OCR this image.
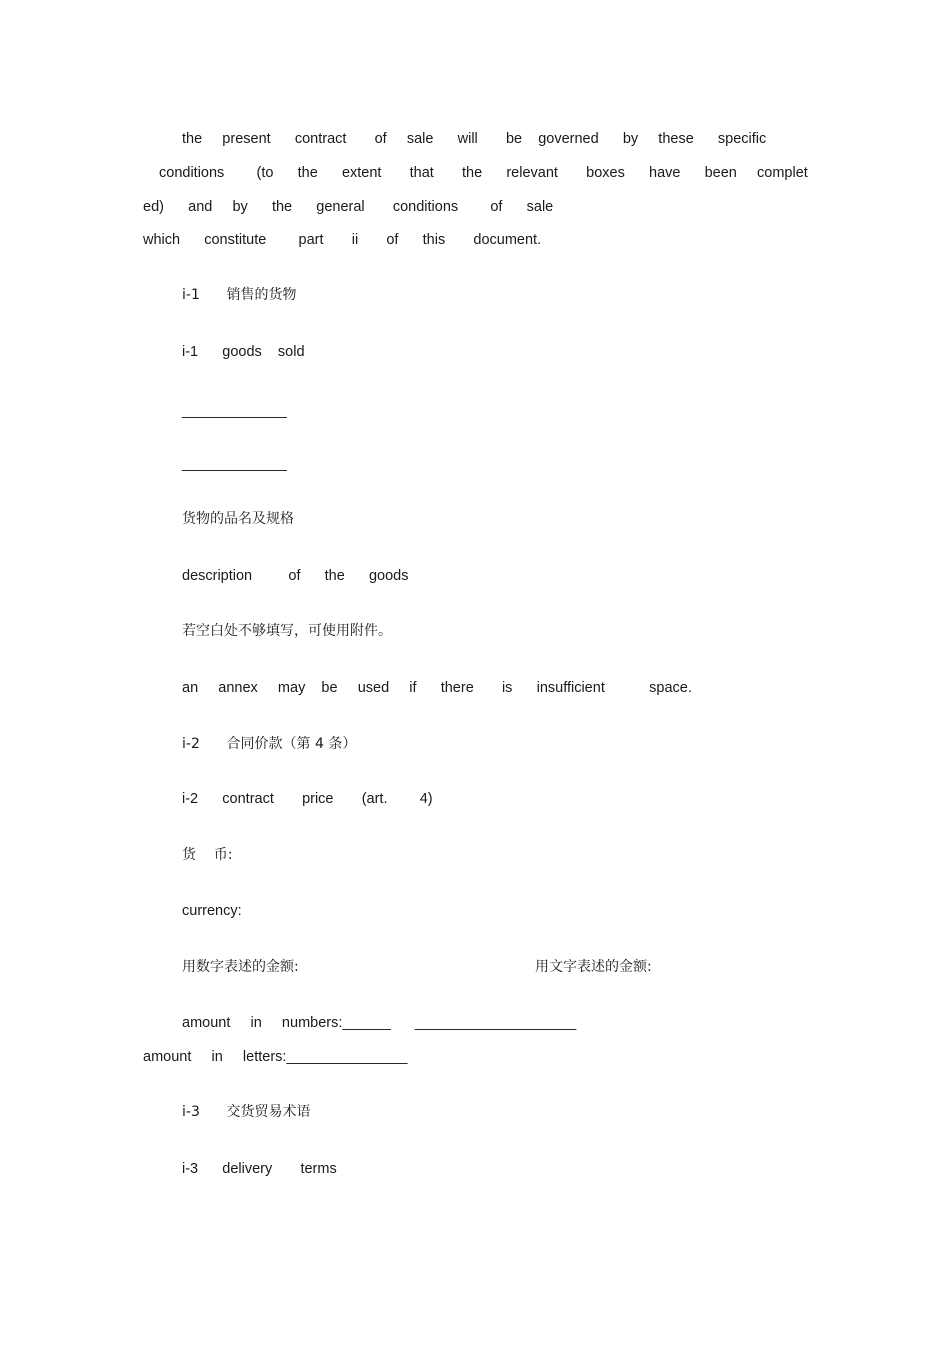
the     present      contract       of     sale      will       be    governed      by     these      specific
conditions        (to      the      extent       that       the      relevant       boxes      have      been     complet
ed)      and     by      the      general       conditions        of      sale
which      constitute        part       ii       of      this       document.
i-1      销售的货物
i-1      goods    sold
_____________
_____________
货物的品名及规格
description         of      the      goods
若空白处不够填写，可使用附件。
an     annex     may    be     used     if      there       is      insufficient           space.
i-2      合同价款（第 4 条）
i-2      contract       price       (art.        4)
货    币:
currency:
用数字表述的金额:	用文字表述的金额:
amount     in     numbers:______      ____________________
amount     in     letters:_______________
i-3      交货贸易术语
i-3      delivery       terms
